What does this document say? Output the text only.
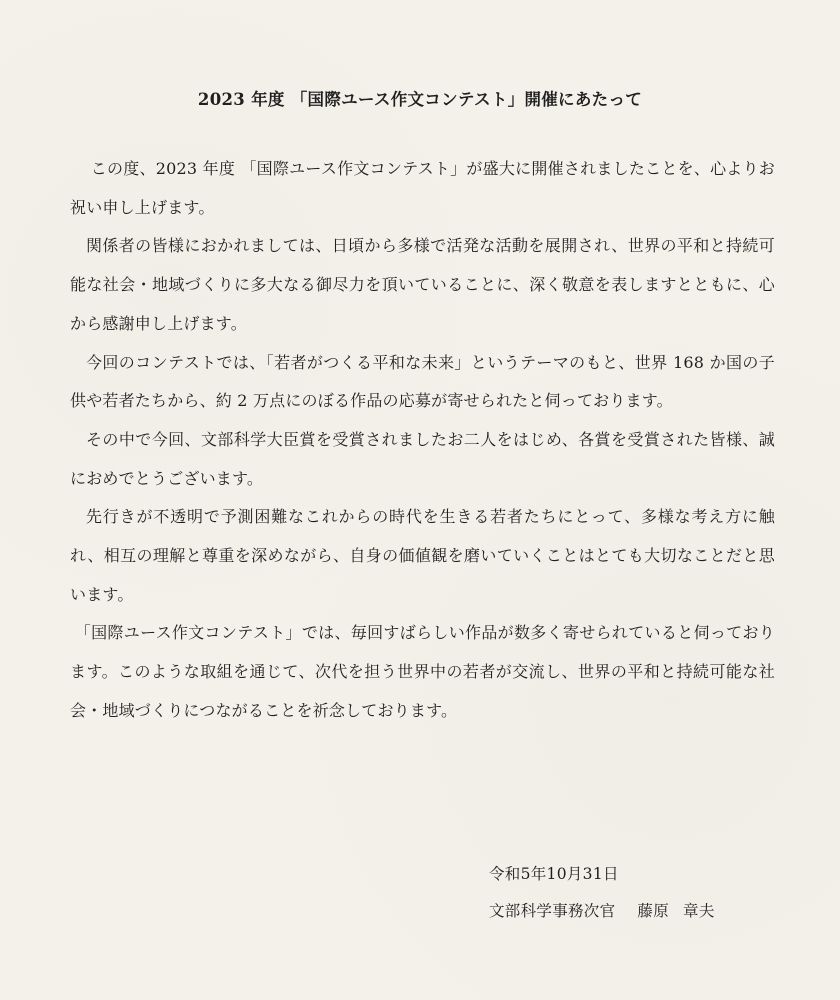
2023 年度 「国際ユース作文コンテスト」開催にあたって

この度、2023 年度 「国際ユース作文コンテスト」が盛大に開催されましたことを、心よりお祝い申し上げます。

関係者の皆様におかれましては、日頃から多様で活発な活動を展開され、世界の平和と持続可能な社会・地域づくりに多大なる御尽力を頂いていることに、深く敬意を表しますとともに、心から感謝申し上げます。

今回のコンテストでは、「若者がつくる平和な未来」というテーマのもと、世界 168 か国の子供や若者たちから、約 2 万点にのぼる作品の応募が寄せられたと伺っております。

その中で今回、文部科学大臣賞を受賞されましたお二人をはじめ、各賞を受賞された皆様、誠におめでとうございます。

先行きが不透明で予測困難なこれからの時代を生きる若者たちにとって、多様な考え方に触れ、相互の理解と尊重を深めながら、自身の価値観を磨いていくことはとても大切なことだと思います。

「国際ユース作文コンテスト」では、毎回すばらしい作品が数多く寄せられていると伺っております。このような取組を通じて、次代を担う世界中の若者が交流し、世界の平和と持続可能な社会・地域づくりにつながることを祈念しております。

令和5年10月31日
文部科学事務次官 藤原 章夫
